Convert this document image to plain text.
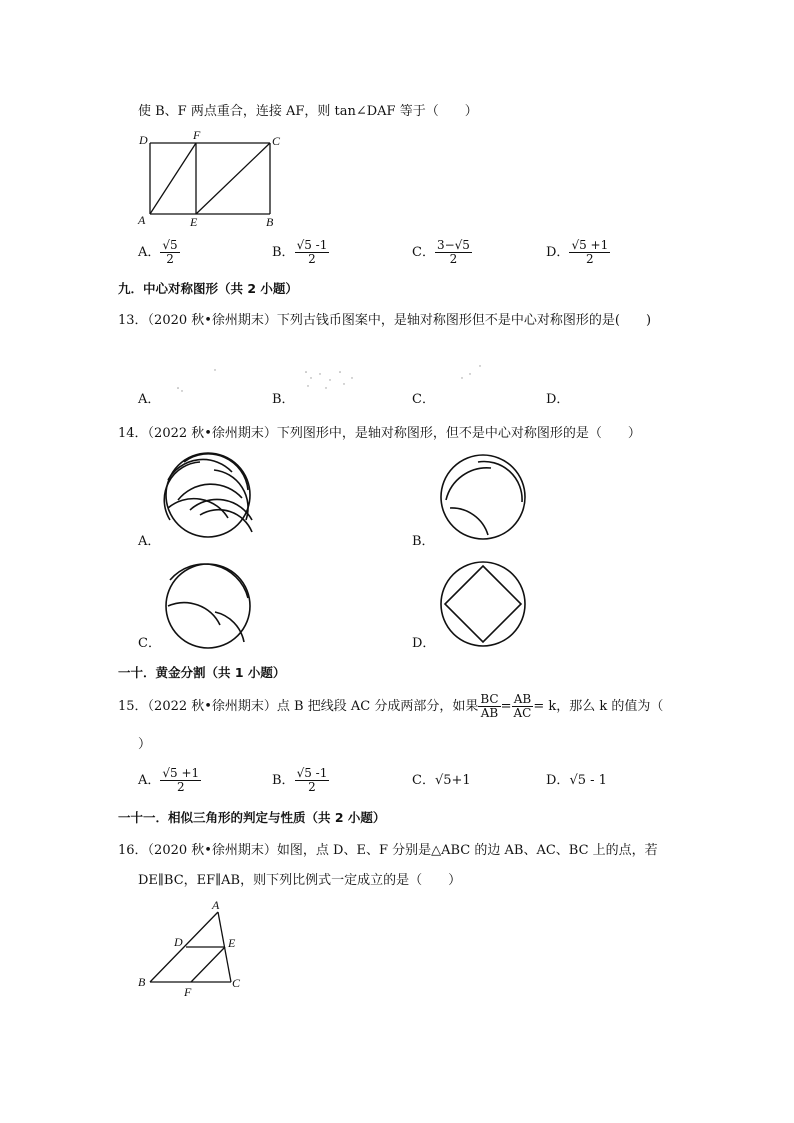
使 B、F 两点重合，连接 AF，则 tan∠DAF 等于（　　）
D	F	C
A	E	B
A． $\frac{√5}{2}$	B． $\frac{√5 -1}{2}$	C． $\frac{3-√5}{2}$	D． $\frac{√5 +1}{2}$
九．中心对称图形（共 2 小题）
13．（2020 秋•徐州期末）下列古钱币图案中，是轴对称图形但不是中心对称图形的是(　　)
A．	B．	C．	D．
14．（2022 秋•徐州期末）下列图形中，是轴对称图形，但不是中心对称图形的是（　　）
A．	B．
C．	D．
一十．黄金分割（共 1 小题）
15．（2022 秋•徐州期末）点 B 把线段 AC 分成两部分，如果 $\frac{BC}{AB} = \frac{AB}{AC} = k$，那么 k 的值为（
）
A． $\frac{√5 +1}{2}$	B． $\frac{√5 -1}{2}$	C．√5+1	D．√5 - 1
一十一．相似三角形的判定与性质（共 2 小题）
16．（2020 秋•徐州期末）如图，点 D、E、F 分别是△ABC 的边 AB、AC、BC 上的点，若
DE∥BC，EF∥AB，则下列比例式一定成立的是（　　）
A
D	E
B
F
C
